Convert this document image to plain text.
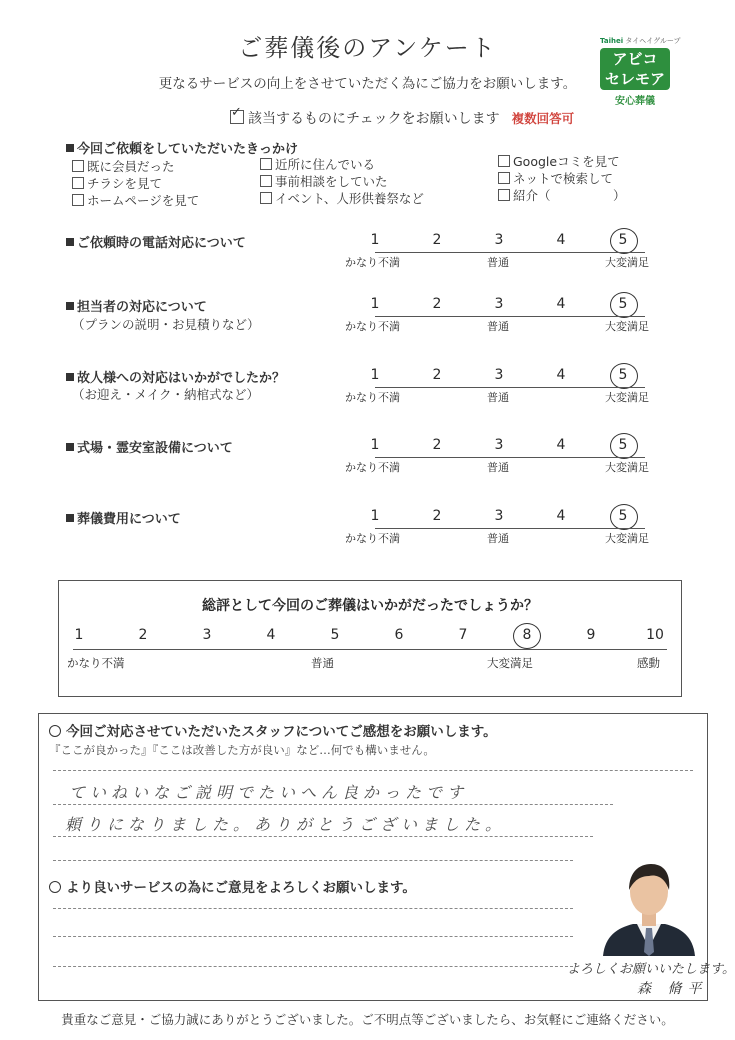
ご葬儀後のアンケート
更なるサービスの向上をさせていただく為にご協力をお願いします。
Taihei タイヘイグループ
アビコ
セレモア
安心葬儀
✓該当するものにチェックをお願いします 複数回答可
今回ご依頼をしていただいたきっかけ
既に会員だった
チラシを見て
ホームページを見て
近所に住んでいる
事前相談をしていた
イベント、人形供養祭など
Googleコミを見て
ネットで検索して
紹介（　　　　　）
ご依頼時の電話対応について
担当者の対応について
（プランの説明・お見積りなど）
故人様への対応はいかがでしたか？
（お迎え・メイク・納棺式など）
式場・霊安室設備について
葬儀費用について
1	2	3	4	5
かなり不満	普通	大変満足
1	2	3	4	5
かなり不満	普通	大変満足
1	2	3	4	5
かなり不満	普通	大変満足
1	2	3	4	5
かなり不満	普通	大変満足
1	2	3	4	5
かなり不満	普通	大変満足
総評として今回のご葬儀はいかがだったでしょうか？
1	2	3	4	5	6	7	8	9	10
かなり不満	普通	大変満足	感動
今回ご対応させていただいたスタッフについてご感想をお願いします。
『ここが良かった』『ここは改善した方が良い』など…何でも構いません。
ていねいなご説明でたいへん良かったです
頼りになりました。ありがとうございました。
より良いサービスの為にご意見をよろしくお願いします。
よろしくお願いいたします。
森 脩平
貴重なご意見・ご協力誠にありがとうございました。ご不明点等ございましたら、お気軽にご連絡ください。
